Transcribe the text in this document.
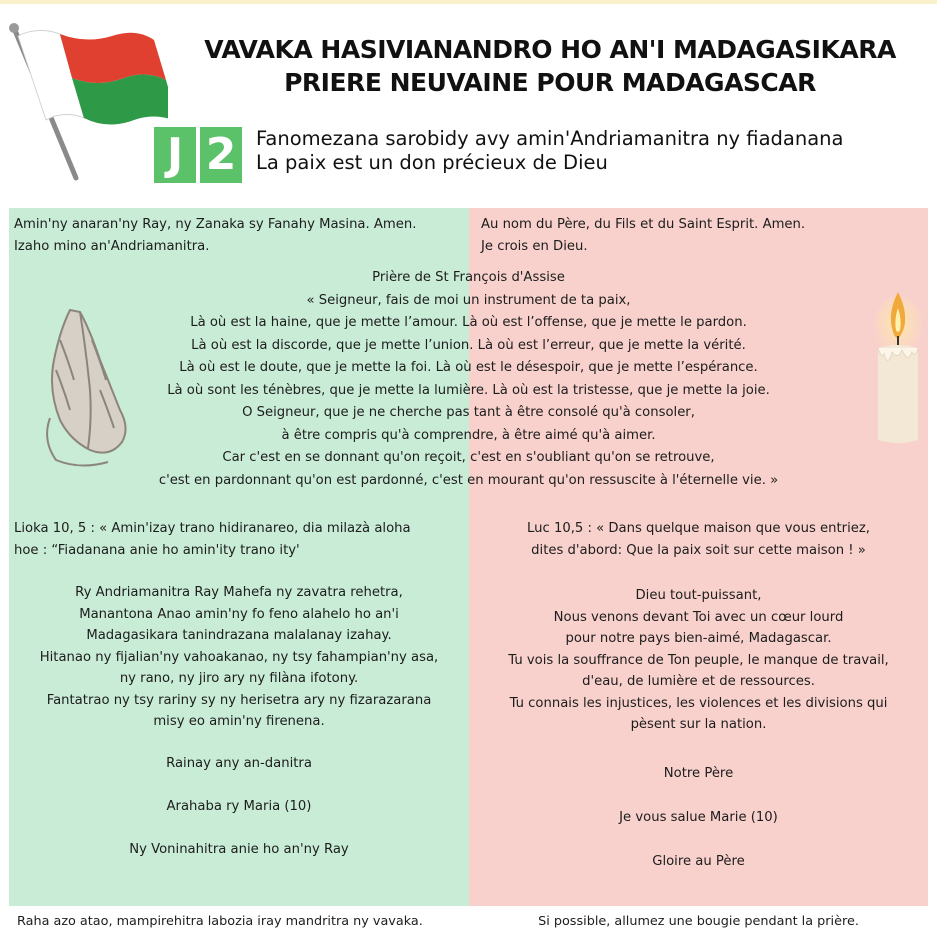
VAVAKA HASIVIANANDRO HO AN'I MADAGASIKARA
PRIERE NEUVAINE POUR MADAGASCAR
J 2 Fanomezana sarobidy avy amin'Andriamanitra ny fiadanana
La paix est un don précieux de Dieu
Amin'ny anaran'ny Ray, ny Zanaka sy Fanahy Masina. Amen.
Izaho mino an'Andriamanitra.
Au nom du Père, du Fils et du Saint Esprit. Amen.
Je crois en Dieu.
Prière de St François d'Assise
« Seigneur, fais de moi un instrument de ta paix,
Là où est la haine, que je mette l’amour. Là où est l’offense, que je mette le pardon.
Là où est la discorde, que je mette l’union. Là où est l’erreur, que je mette la vérité.
Là où est le doute, que je mette la foi. Là où est le désespoir, que je mette l’espérance.
Là où sont les ténèbres, que je mette la lumière. Là où est la tristesse, que je mette la joie.
O Seigneur, que je ne cherche pas tant à être consolé qu'à consoler,
à être compris qu'à comprendre, à être aimé qu'à aimer.
Car c'est en se donnant qu'on reçoit, c'est en s'oubliant qu'on se retrouve,
c'est en pardonnant qu'on est pardonné, c'est en mourant qu'on ressuscite à l'éternelle vie. »
Lioka 10, 5 : « Amin'izay trano hidiranareo, dia milazà aloha
hoe : “Fiadanana anie ho amin'ity trano ity'
Ry Andriamanitra Ray Mahefa ny zavatra rehetra,
Manantona Anao amin'ny fo feno alahelo ho an'i
Madagasikara tanindrazana malalanay izahay.
Hitanao ny fijalian'ny vahoakanao, ny tsy fahampian'ny asa,
ny rano, ny jiro ary ny filàna ifotony.
Fantatrao ny tsy rariny sy ny herisetra ary ny fizarazarana
misy eo amin'ny firenena.
Rainay any an-danitra
Arahaba ry Maria (10)
Ny Voninahitra anie ho an'ny Ray
Luc 10,5 : « Dans quelque maison que vous entriez,
dites d'abord: Que la paix soit sur cette maison ! »
Dieu tout-puissant,
Nous venons devant Toi avec un cœur lourd
pour notre pays bien-aimé, Madagascar.
Tu vois la souffrance de Ton peuple, le manque de travail,
d'eau, de lumière et de ressources.
Tu connais les injustices, les violences et les divisions qui
pèsent sur la nation.
Notre Père
Je vous salue Marie (10)
Gloire au Père
Raha azo atao, mampirehitra labozia iray mandritra ny vavaka.	Si possible, allumez une bougie pendant la prière.
